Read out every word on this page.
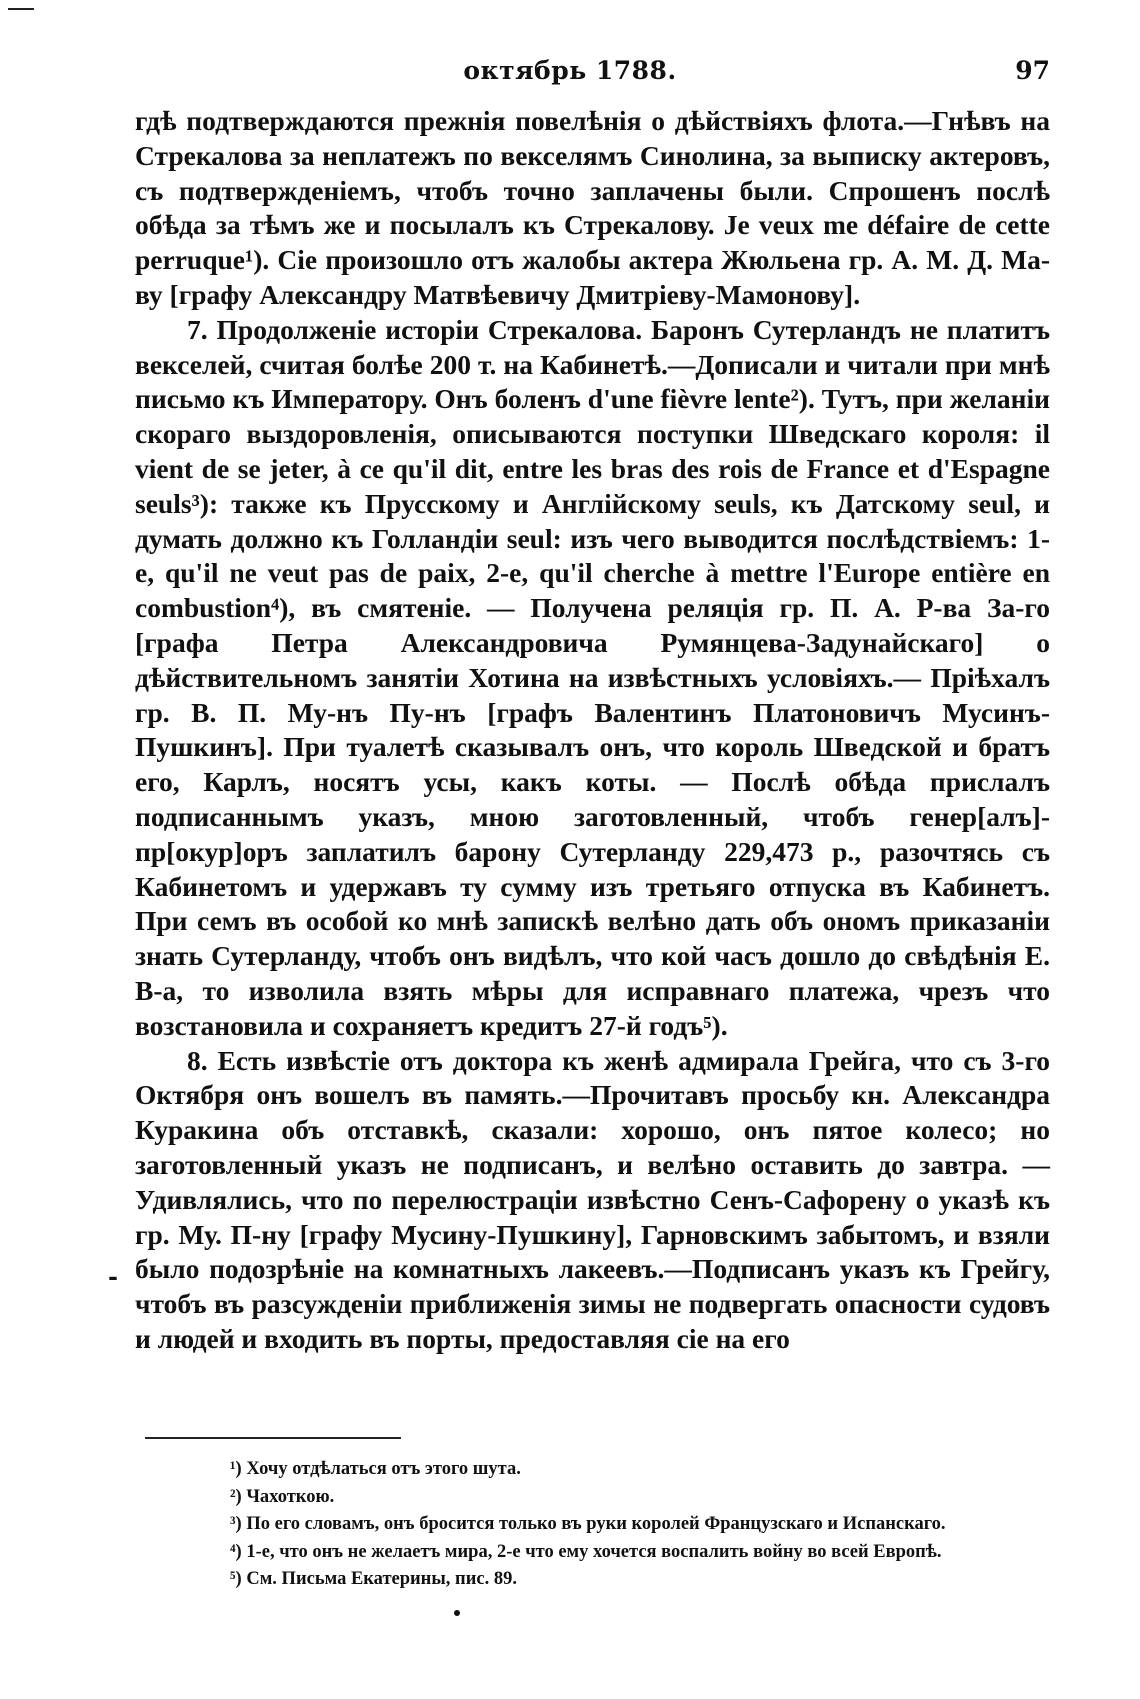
октябрь 1788.	97

гдѣ подтверждаются прежнія повелѣнія о дѣйствіяхъ флота.—Гнѣвъ на Стрекалова за неплатежъ по векселямъ Синолина, за выписку актеровъ, съ подтвержденіемъ, чтобъ точно заплачены были. Спрошенъ послѣ обѣда за тѣмъ же и посылалъ къ Стрекалову. Je veux me défaire de cette perruque¹). Сіе произошло отъ жалобы актера Жюльена гр. А. М. Д. Ма-ву [графу Александру Матвѣевичу Дмитріеву-Мамонову].

7. Продолженіе исторіи Стрекалова. Баронъ Сутерландъ не платитъ векселей, считая болѣе 200 т. на Кабинетѣ.—Дописали и читали при мнѣ письмо къ Императору. Онъ боленъ d'une fièvre lente²). Тутъ, при желаніи скораго выздоровленія, описываются поступки Шведскаго короля: il vient de se jeter, à ce qu'il dit, entre les bras des rois de France et d'Espagne seuls³): также къ Прусскому и Англійскому seuls, къ Датскому seul, и думать должно къ Голландіи seul: изъ чего выводится послѣдствіемъ: 1-е, qu'il ne veut pas de paix, 2-е, qu'il cherche à mettre l'Europe entière en combustion⁴), въ смятеніе. — Получена реляція гр. П. А. Р-ва За-го [графа Петра Александровича Румянцева-Задунайскаго] о дѣйствительномъ занятіи Хотина на извѣстныхъ условіяхъ.— Пріѣхалъ гр. В. П. Му-нъ Пу-нъ [графъ Валентинъ Платоновичъ Мусинъ-Пушкинъ]. При туалетѣ сказывалъ онъ, что король Шведской и братъ его, Карлъ, носятъ усы, какъ коты. — Послѣ обѣда прислалъ подписаннымъ указъ, мною заготовленный, чтобъ генер[алъ]-пр[окур]оръ заплатилъ барону Сутерланду 229,473 р., разочтясь съ Кабинетомъ и удержавъ ту сумму изъ третьяго отпуска въ Кабинетъ. При семъ въ особой ко мнѣ запискѣ велѣно дать объ ономъ приказаніи знать Сутерланду, чтобъ онъ видѣлъ, что кой часъ дошло до свѣдѣнія Е. В-а, то изволила взять мѣры для исправнаго платежа, чрезъ что возстановила и сохраняетъ кредитъ 27-й годъ⁵).

8. Есть извѣстіе отъ доктора къ женѣ адмирала Грейга, что съ 3-го Октября онъ вошелъ въ память.—Прочитавъ просьбу кн. Александра Куракина объ отставкѣ, сказали: хорошо, онъ пятое колесо; но заготовленный указъ не подписанъ, и велѣно оставить до завтра. —Удивлялись, что по перелюстраціи извѣстно Сенъ-Сафорену о указѣ къ гр. Му. П-ну [графу Мусину-Пушкину], Гарновскимъ забытомъ, и взяли было подозрѣніе на комнатныхъ лакеевъ.—Подписанъ указъ къ Грейгу, чтобъ въ разсужденіи приближенія зимы не подвергать опасности судовъ и людей и входить въ порты, предоставляя сіе на его

-
¹) Хочу отдѣлаться отъ этого шута.
²) Чахоткою.
³) По его словамъ, онъ бросится только въ руки королей Французскаго и Испанскаго.
⁴) 1-е, что онъ не желаетъ мира, 2-е что ему хочется воспалить войну во всей Европѣ.
⁵) См. Письма Екатерины, пис. 89.
